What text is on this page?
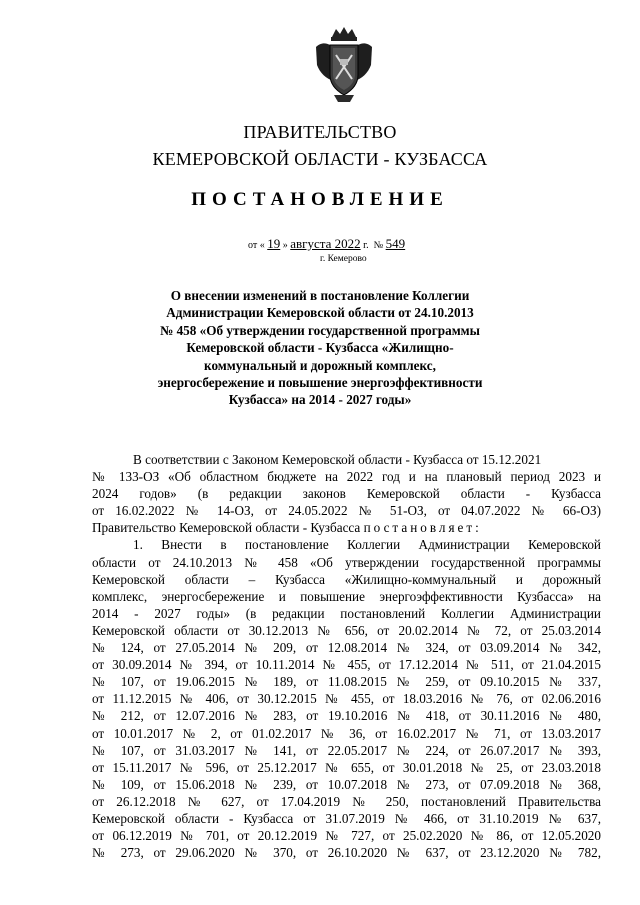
ПРАВИТЕЛЬСТВО
КЕМЕРОВСКОЙ ОБЛАСТИ - КУЗБАССА
ПОСТАНОВЛЕНИЕ
от « 19 » августа 2022 г. № 549
г. Кемерово
О внесении изменений в постановление Коллегии
Администрации Кемеровской области от 24.10.2013
№ 458 «Об утверждении государственной программы
Кемеровской области - Кузбасса «Жилищно-
коммунальный и дорожный комплекс,
энергосбережение и повышение энергоэффективности
Кузбасса» на 2014 - 2027 годы»
В соответствии с Законом Кемеровской области - Кузбасса от 15.12.2021
№ 133-ОЗ «Об областном бюджете на 2022 год и на плановый период 2023 и
2024 годов» (в редакции законов Кемеровской области - Кузбасса
от 16.02.2022 № 14-ОЗ, от 24.05.2022 № 51-ОЗ, от 04.07.2022 № 66-ОЗ)
Правительство Кемеровской области - Кузбасса постановляет:
1. Внести в постановление Коллегии Администрации Кемеровской
области от 24.10.2013 № 458 «Об утверждении государственной программы
Кемеровской области – Кузбасса «Жилищно-коммунальный и дорожный
комплекс, энергосбережение и повышение энергоэффективности Кузбасса» на
2014 - 2027 годы» (в редакции постановлений Коллегии Администрации
Кемеровской области от 30.12.2013 № 656, от 20.02.2014 № 72, от 25.03.2014
№ 124, от 27.05.2014 № 209, от 12.08.2014 № 324, от 03.09.2014 № 342,
от 30.09.2014 № 394, от 10.11.2014 № 455, от 17.12.2014 № 511, от 21.04.2015
№ 107, от 19.06.2015 № 189, от 11.08.2015 № 259, от 09.10.2015 № 337,
от 11.12.2015 № 406, от 30.12.2015 № 455, от 18.03.2016 № 76, от 02.06.2016
№ 212, от 12.07.2016 № 283, от 19.10.2016 № 418, от 30.11.2016 № 480,
от 10.01.2017 № 2, от 01.02.2017 № 36, от 16.02.2017 № 71, от 13.03.2017
№ 107, от 31.03.2017 № 141, от 22.05.2017 № 224, от 26.07.2017 № 393,
от 15.11.2017 № 596, от 25.12.2017 № 655, от 30.01.2018 № 25, от 23.03.2018
№ 109, от 15.06.2018 № 239, от 10.07.2018 № 273, от 07.09.2018 № 368,
от 26.12.2018 № 627, от 17.04.2019 № 250, постановлений Правительства
Кемеровской области - Кузбасса от 31.07.2019 № 466, от 31.10.2019 № 637,
от 06.12.2019 № 701, от 20.12.2019 № 727, от 25.02.2020 № 86, от 12.05.2020
№ 273, от 29.06.2020 № 370, от 26.10.2020 № 637, от 23.12.2020 № 782,
